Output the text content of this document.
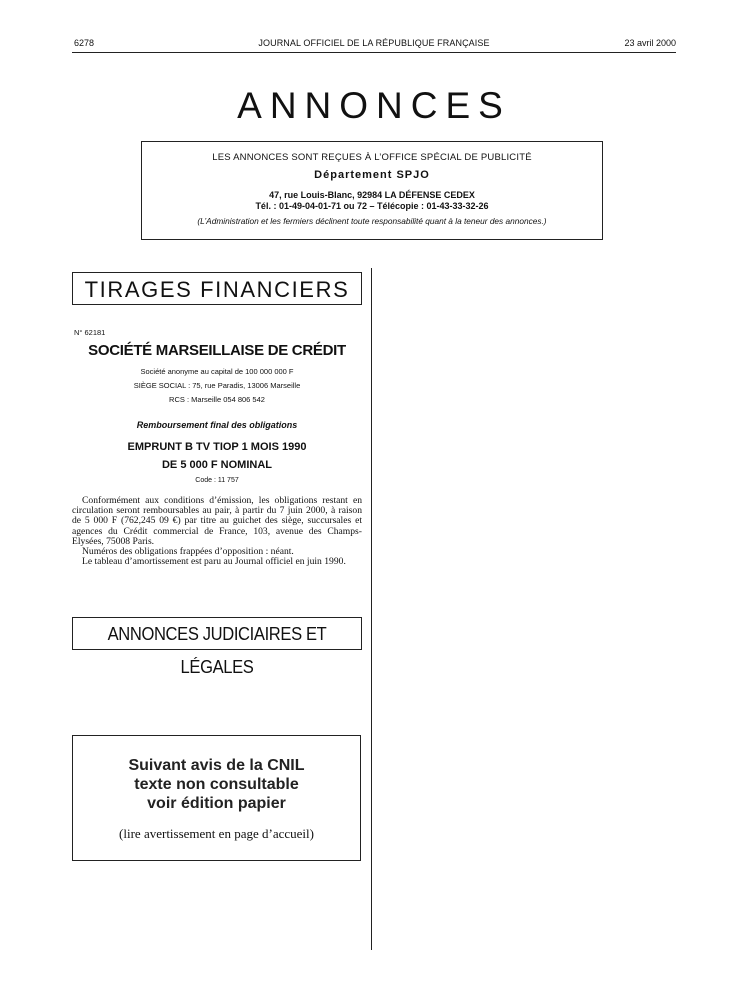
6278	JOURNAL OFFICIEL DE LA RÉPUBLIQUE FRANÇAISE	23 avril 2000
ANNONCES
LES ANNONCES SONT REÇUES À L’OFFICE SPÉCIAL DE PUBLICITÉ
Département SPJO
47, rue Louis-Blanc, 92984 LA DÉFENSE CEDEX
Tél. : 01-49-04-01-71 ou 72 – Télécopie : 01-43-33-32-26
(L’Administration et les fermiers déclinent toute responsabilité quant à la teneur des annonces.)
TIRAGES FINANCIERS
N° 62181
SOCIÉTÉ MARSEILLAISE DE CRÉDIT
Société anonyme au capital de 100 000 000 F
SIÈGE SOCIAL : 75, rue Paradis, 13006 Marseille
RCS : Marseille 054 806 542
Remboursement final des obligations
EMPRUNT B TV TIOP 1 MOIS 1990
DE 5 000 F NOMINAL
Code : 11 757

Conformément aux conditions d’émission, les obligations restant en circulation seront remboursables au pair, à partir du 7 juin 2000, à raison de 5 000 F (762,245 09 €) par titre au guichet des siège, succursales et agences du Crédit commercial de France, 103, avenue des Champs-Elysées, 75008 Paris.

Numéros des obligations frappées d’opposition : néant.

Le tableau d’amortissement est paru au Journal officiel en juin 1990.

ANNONCES JUDICIAIRES ET LÉGALES
Suivant avis de la CNIL
texte non consultable
voir édition papier
(lire avertissement en page d’accueil)
